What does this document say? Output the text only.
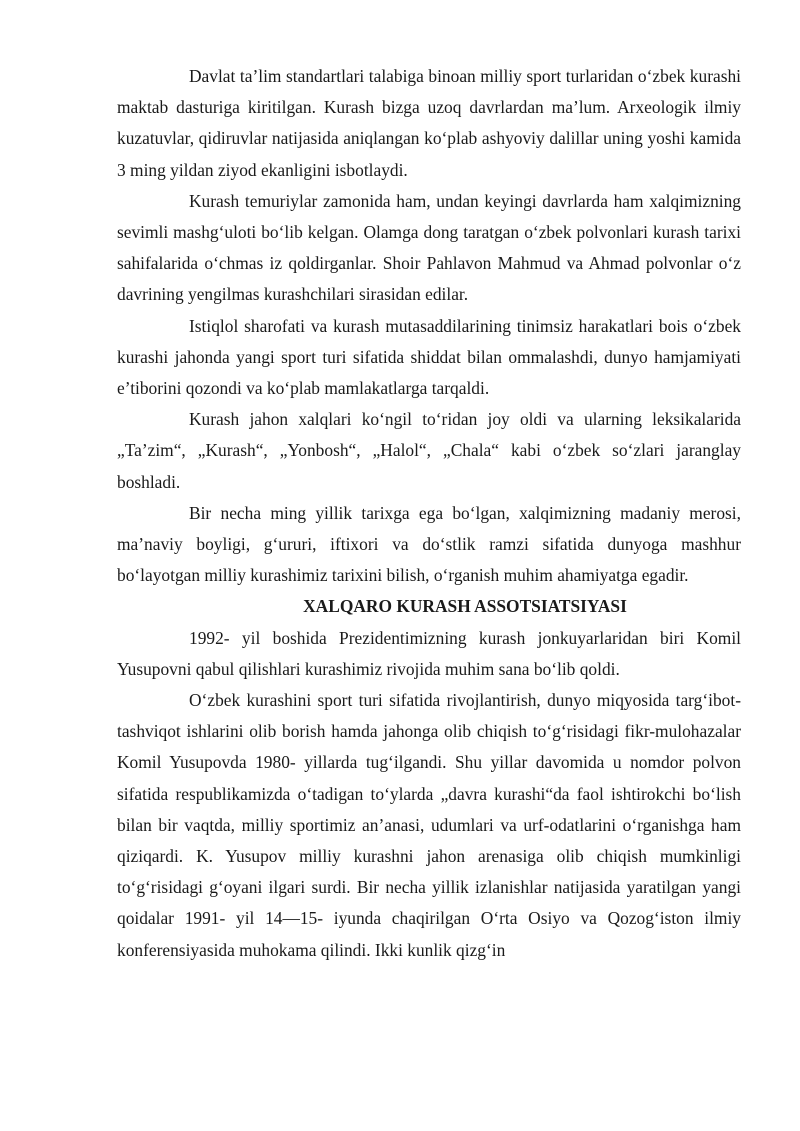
Davlat ta’lim standartlari talabiga binoan milliy sport turlaridan o‘zbek kurashi maktab dasturiga kiritilgan. Kurash bizga uzoq davrlardan ma’lum. Arxeologik ilmiy kuzatuvlar, qidiruvlar natijasida aniqlangan ko‘plab ashyoviy dalillar uning yoshi kamida 3 ming yildan ziyod ekanligini isbotlaydi.

Kurash temuriylar zamonida ham, undan keyingi davrlarda ham xalqimizning sevimli mashg‘uloti bo‘lib kelgan. Olamga dong taratgan o‘zbek polvonlari kurash tarixi sahifalarida o‘chmas iz qoldirganlar. Shoir Pahlavon Mahmud va Ahmad polvonlar o‘z davrining yengilmas kurashchilari sirasidan edilar.

Istiqlol sharofati va kurash mutasaddilarining tinimsiz harakatlari bois o‘zbek kurashi jahonda yangi sport turi sifatida shiddat bilan ommalashdi, dunyo hamjamiyati e’tiborini qozondi va ko‘plab mamlakatlarga tarqaldi.

Kurash jahon xalqlari ko‘ngil to‘ridan joy oldi va ularning leksikalarida „Ta’zim“, „Kurash“, „Yonbosh“, „Halol“, „Chala“ kabi o‘zbek so‘zlari jaranglay boshladi.

Bir necha ming yillik tarixga ega bo‘lgan, xalqimizning madaniy merosi, ma’naviy boyligi, g‘ururi, iftixori va do‘stlik ramzi sifatida dunyoga mashhur bo‘layotgan milliy kurashimiz tarixini bilish, o‘rganish muhim ahamiyatga egadir.

XALQARO KURASH ASSOTSIATSIYASI

1992- yil boshida Prezidentimizning kurash jonkuyarlaridan biri Komil Yusupovni qabul qilishlari kurashimiz rivojida muhim sana bo‘lib qoldi.

O‘zbek kurashini sport turi sifatida rivojlantirish, dunyo miqyosida targ‘ibot-tashviqot ishlarini olib borish hamda jahonga olib chiqish to‘g‘risidagi fikr-mulohazalar Komil Yusupovda 1980- yillarda tug‘ilgandi. Shu yillar davomida u nomdor polvon sifatida respublikamizda o‘tadigan to‘ylarda „davra kurashi“da faol ishtirokchi bo‘lish bilan bir vaqtda, milliy sportimiz an’anasi, udumlari va urf-odatlarini o‘rganishga ham qiziqardi. K. Yusupov milliy kurashni jahon arenasiga olib chiqish mumkinligi to‘g‘risidagi g‘oyani ilgari surdi. Bir necha yillik izlanishlar natijasida yaratilgan yangi qoidalar 1991- yil 14—15- iyunda chaqirilgan O‘rta Osiyo va Qozog‘iston ilmiy konferensiyasida muhokama qilindi. Ikki kunlik qizg‘in
